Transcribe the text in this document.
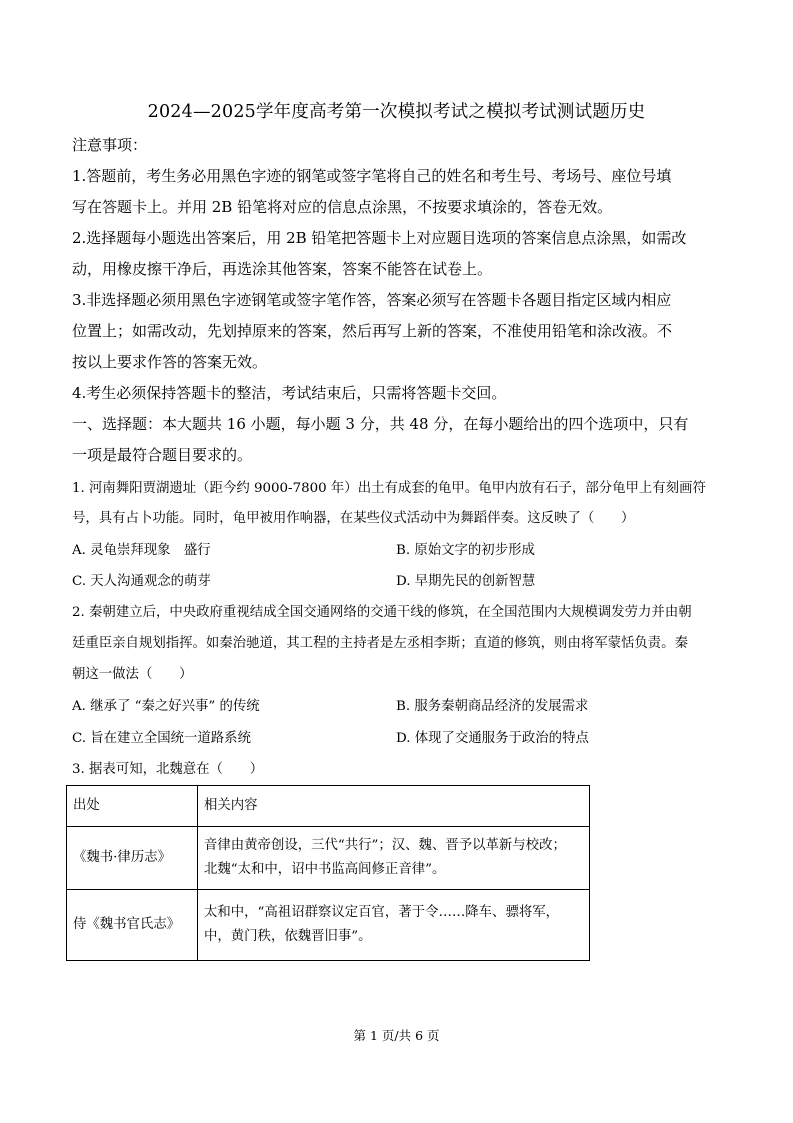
2024—2025学年度高考第一次模拟考试之模拟考试测试题历史
注意事项：
1.答题前，考生务必用黑色字迹的钢笔或签字笔将自己的姓名和考生号、考场号、座位号填
写在答题卡上。并用 2B 铅笔将对应的信息点涂黑，不按要求填涂的，答卷无效。
2.选择题每小题选出答案后，用 2B 铅笔把答题卡上对应题目选项的答案信息点涂黑，如需改
动，用橡皮擦干净后，再选涂其他答案，答案不能答在试卷上。
3.非选择题必须用黑色字迹钢笔或签字笔作答，答案必须写在答题卡各题目指定区域内相应
位置上；如需改动，先划掉原来的答案，然后再写上新的答案，不准使用铅笔和涂改液。不
按以上要求作答的答案无效。
4.考生必须保持答题卡的整洁，考试结束后，只需将答题卡交回。
一、选择题：本大题共 16 小题，每小题 3 分，共 48 分，在每小题给出的四个选项中，只有
一项是最符合题目要求的。
1. 河南舞阳贾湖遗址（距今约 9000-7800 年）出土有成套的龟甲。龟甲内放有石子，部分龟甲上有刻画符
号，具有占卜功能。同时，龟甲被用作响器，在某些仪式活动中为舞蹈伴奏。这反映了（　　）
A. 灵龟崇拜现象　盛行	B. 原始文字的初步形成
C. 天人沟通观念的萌芽	D. 早期先民的创新智慧
2. 秦朝建立后，中央政府重视结成全国交通网络的交通干线的修筑，在全国范围内大规模调发劳力并由朝
廷重臣亲自规划指挥。如秦治驰道，其工程的主持者是左丞相李斯；直道的修筑，则由将军蒙恬负责。秦
朝这一做法（　　）
A. 继承了 “秦之好兴事” 的传统	B. 服务秦朝商品经济的发展需求
C. 旨在建立全国统一道路系统	D. 体现了交通服务于政治的特点
3. 据表可知，北魏意在（　　）
出处	相关内容
《魏书·律历志》	音律由黄帝创设，三代“共行”；汉、魏、晋予以革新与校改；
北魏“太和中，诏中书监高闾修正音律”。

侍《魏书官氏志》	太和中，“高祖诏群察议定百官，著于令……降车、骠将军，
中，黄门秩，依魏晋旧事”。
第 1 页/共 6 页
